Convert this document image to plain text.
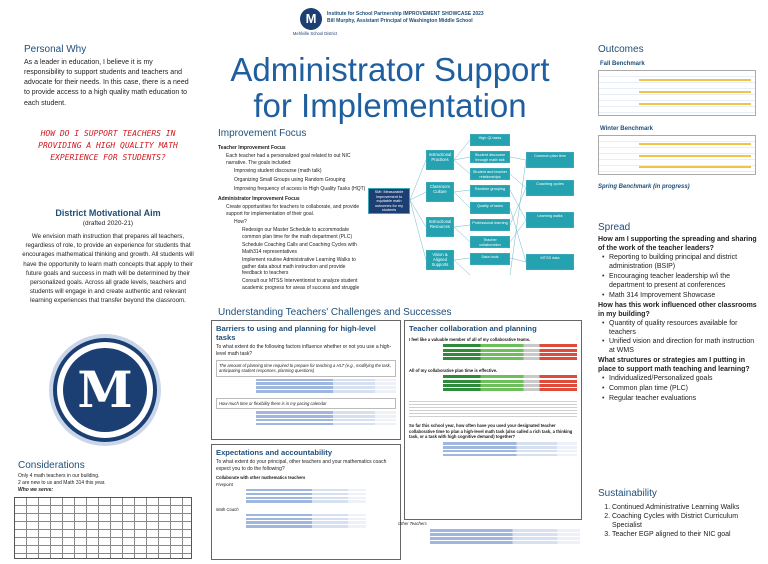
M
Mehlville School District
Institute for School Partnership IMPROVEMENT SHOWCASE 2023
Bill Murphy, Assistant Principal of Washington Middle School
Administrator Support
for Implementation
Personal Why
As a leader in education, I believe it is my responsibility to support students and teachers and advocate for their needs. In this case, there is a need to provide access to a high quality math education to each student.
HOW DO I SUPPORT TEACHERS IN PROVIDING A HIGH QUALITY MATH EXPERIENCE FOR STUDENTS?
District Motivational Aim
(drafted 2020-21)
We envision math instruction that prepares all teachers, regardless of role, to provide an experience for students that encourages mathematical thinking and growth. All students will have the opportunity to learn math concepts that apply to their future goals and success in math will be determined by their personalized goals. Across all grade levels, teachers and students will engage in and create authentic and relevant learning experiences that transfer beyond the classroom.
M
Considerations
Only 4 math teachers in our building.
2 are new to us and Math 314 this year.
Who we serve:
Improvement Focus
Teacher Improvement Focus
Each teacher had a personalized goal related to out NIC narrative. The goals included:
Improving student discourse (math talk)
Organizing Small Groups using Random Grouping
Improving frequency of access to High Quality Tasks (HQT)
Administrator Improvement Focus
Create opportunities for teachers to collaborate, and provide support for implementation of their goal.
How?
Redesign our Master Schedule to accommodate common plan time for the math department (PLC)
Schedule Coaching Calls and Coaching Cycles with Math314 representatives
Implement routine Administrative Learning Walks to gather data about math instruction and provide feedback to teachers
Consult our MTSS Interventionist to analyze student academic progress for areas of success and struggle
SMI: Measurable Improvement to equitable math outcomes for my students
Instructional Practices
Classroom Culture
Instructional Resources
Vision & Aligned Supports
High QI tasks
Student discourse through math talk
Student and teacher relationships
Random grouping
Quality of tasks
Professional learning
Teacher collaboration
Data tools
Common plan time
Coaching cycles
Learning walks
MTSS data
Understanding Teachers' Challenges and Successes
Barriers to using and planning for high-level tasks
To what extent do the following factors influence whether or not you use a high-level math task?
The amount of planning time required to prepare for teaching a HLT (e.g., modifying the task, anticipating student responses, planning questions)
How much time or flexibility there is in my pacing calendar
Teacher collaboration and planning
I feel like a valuable member of all of my collaborative teams.
All of my collaborative plan time is effective.
So far this school year, how often have you used your designated teacher collaborative time to plan a high-level math task (also called a rich task, a thinking task, or a task with high cognitive demand) together?
Expectations and accountability
To what extent do your principal, other teachers and your mathematics coach expect you to do the following?
Collaborate with other mathematics teachers
Fivepoint
Math Coach
Other Teachers
Outcomes
Fall Benchmark
Winter Benchmark
Spring Benchmark (in progress)
Spread
How am I supporting the spreading and sharing of the work of the teacher leaders?
• Reporting to building principal and district administration (BSIP)
• Encouraging teacher leadership w/i the department to present at conferences
• Math 314 Improvement Showcase
How has this work influenced other classrooms in my building?
• Quantity of quality resources available for teachers
• Unified vision and direction for math instruction at WMS
What structures or strategies am I putting in place to support math teaching and learning?
• Individualized/Personalized goals
• Common plan time (PLC)
• Regular teacher evaluations
Sustainability
1. Continued Administrative Learning Walks
2. Coaching Cycles with District Curriculum Specialist
3. Teacher EGP aligned to their NIC goal
